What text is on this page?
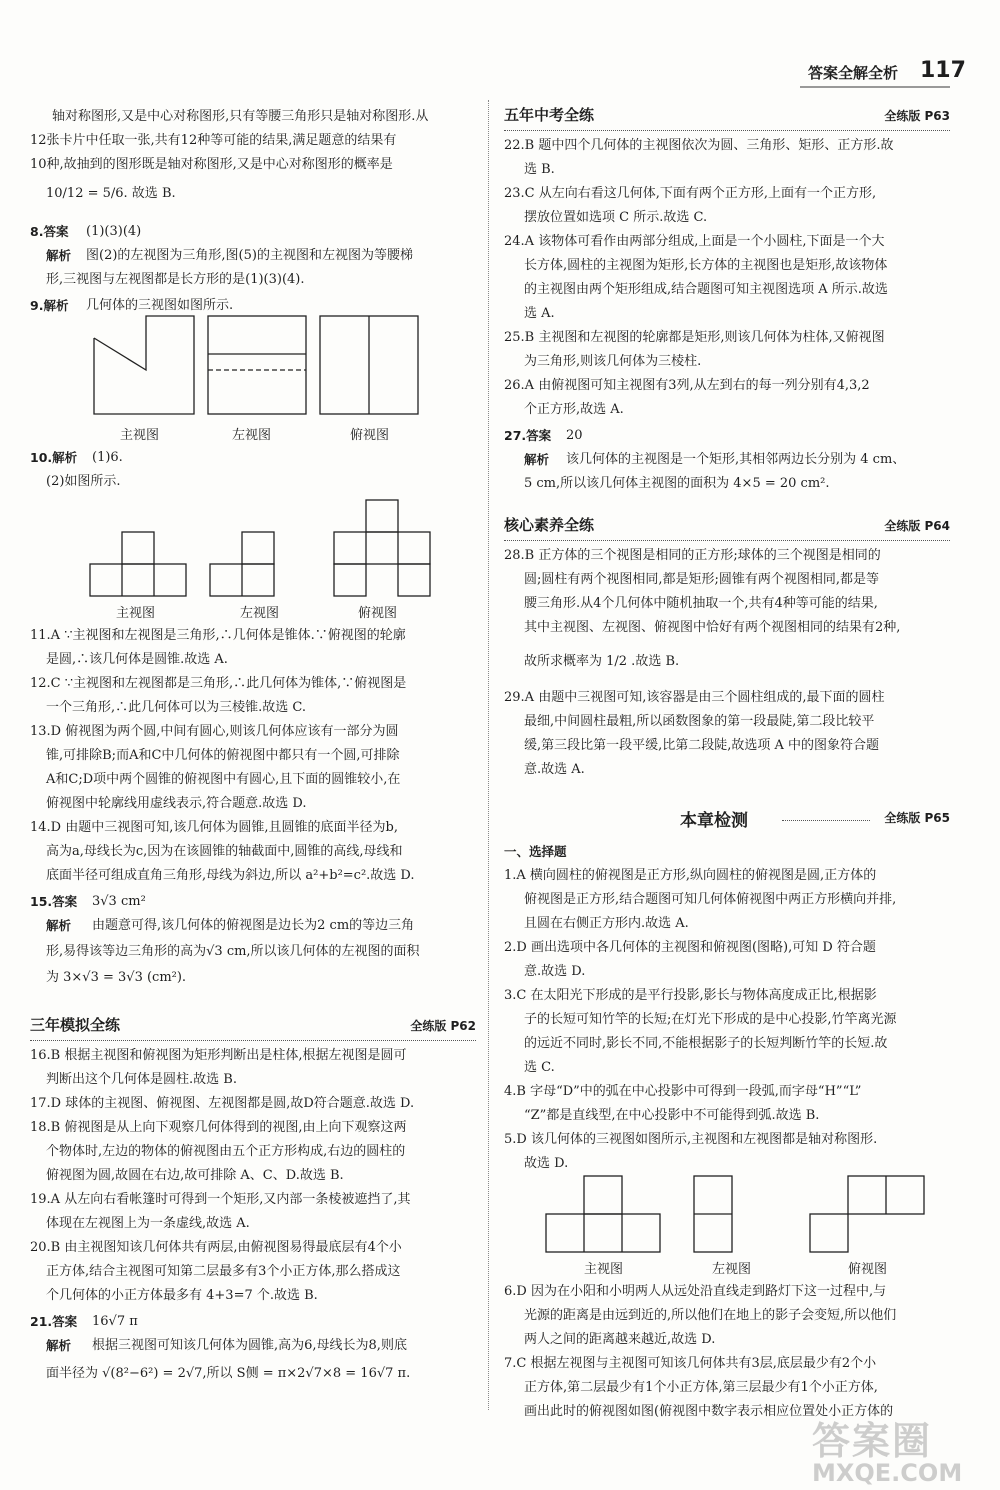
答案全解全析 117
轴对称图形,又是中心对称图形,只有等腰三角形只是轴对称图形.从
12张卡片中任取一张,共有12种等可能的结果,满足题意的结果有
10种,故抽到的图形既是轴对称图形,又是中心对称图形的概率是
10/12 = 5/6. 故选 B.
8.答案 (1)(3)(4)
解析 图(2)的左视图为三角形,图(5)的主视图和左视图为等腰梯
形,三视图与左视图都是长方形的是(1)(3)(4).
9.解析 几何体的三视图如图所示.
主视图	左视图	俯视图
10.解析 (1)6.
(2)如图所示.
主视图	左视图	俯视图
11.A ∵主视图和左视图是三角形,∴几何体是锥体.∵俯视图的轮廓
是圆,∴该几何体是圆锥.故选 A.
12.C ∵主视图和左视图都是三角形,∴此几何体为锥体,∵俯视图是
一个三角形,∴此几何体可以为三棱锥.故选 C.
13.D 俯视图为两个圆,中间有圆心,则该几何体应该有一部分为圆
锥,可排除B;而A和C中几何体的俯视图中都只有一个圆,可排除
A和C;D项中两个圆锥的俯视图中有圆心,且下面的圆锥较小,在
俯视图中轮廓线用虚线表示,符合题意.故选 D.
14.D 由题中三视图可知,该几何体为圆锥,且圆锥的底面半径为b,
高为a,母线长为c,因为在该圆锥的轴截面中,圆锥的高线,母线和
底面半径可组成直角三角形,母线为斜边,所以 a²+b²=c².故选 D.
15.答案 3√3 cm²
解析 由题意可得,该几何体的俯视图是边长为2 cm的等边三角
形,易得该等边三角形的高为√3 cm,所以该几何体的左视图的面积
为 3×√3 = 3√3 (cm²).
三年模拟全练	全练版 P62
16.B 根据主视图和俯视图为矩形判断出是柱体,根据左视图是圆可
判断出这个几何体是圆柱.故选 B.
17.D 球体的主视图、俯视图、左视图都是圆,故D符合题意.故选 D.
18.B 俯视图是从上向下观察几何体得到的视图,由上向下观察这两
个物体时,左边的物体的俯视图由五个正方形构成,右边的圆柱的
俯视图为圆,故圆在右边,故可排除 A、C、D.故选 B.
19.A 从左向右看帐篷时可得到一个矩形,又内部一条棱被遮挡了,其
体现在左视图上为一条虚线,故选 A.
20.B 由主视图知该几何体共有两层,由俯视图易得最底层有4个小
正方体,结合主视图可知第二层最多有3个小正方体,那么搭成这
个几何体的小正方体最多有 4+3=7 个.故选 B.
21.答案 16√7 π
解析 根据三视图可知该几何体为圆锥,高为6,母线长为8,则底
面半径为 √(8²−6²) = 2√7,所以 S侧 = π×2√7×8 = 16√7 π.
五年中考全练	全练版 P63
22.B 题中四个几何体的主视图依次为圆、三角形、矩形、正方形.故
选 B.
23.C 从左向右看这几何体,下面有两个正方形,上面有一个正方形,
摆放位置如选项 C 所示.故选 C.
24.A 该物体可看作由两部分组成,上面是一个小圆柱,下面是一个大
长方体,圆柱的主视图为矩形,长方体的主视图也是矩形,故该物体
的主视图由两个矩形组成,结合题图可知主视图选项 A 所示.故选
选 A.
25.B 主视图和左视图的轮廓都是矩形,则该几何体为柱体,又俯视图
为三角形,则该几何体为三棱柱.
26.A 由俯视图可知主视图有3列,从左到右的每一列分别有4,3,2
个正方形,故选 A.
27.答案 20
解析 该几何体的主视图是一个矩形,其相邻两边长分别为 4 cm、
5 cm,所以该几何体主视图的面积为 4×5 = 20 cm².
核心素养全练	全练版 P64
28.B 正方体的三个视图是相同的正方形;球体的三个视图是相同的
圆;圆柱有两个视图相同,都是矩形;圆锥有两个视图相同,都是等
腰三角形.从4个几何体中随机抽取一个,共有4种等可能的结果,
其中主视图、左视图、俯视图中恰好有两个视图相同的结果有2种,
故所求概率为 1/2 .故选 B.
29.A 由题中三视图可知,该容器是由三个圆柱组成的,最下面的圆柱
最细,中间圆柱最粗,所以函数图象的第一段最陡,第二段比较平
缓,第三段比第一段平缓,比第二段陡,故选项 A 中的图象符合题
意.故选 A.
本章检测	全练版 P65
一、选择题
1.A 横向圆柱的俯视图是正方形,纵向圆柱的俯视图是圆,正方体的
俯视图是正方形,结合题图可知几何体俯视图中两正方形横向并排,
且圆在右侧正方形内.故选 A.
2.D 画出选项中各几何体的主视图和俯视图(图略),可知 D 符合题
意.故选 D.
3.C 在太阳光下形成的是平行投影,影长与物体高度成正比,根据影
子的长短可知竹竿的长短;在灯光下形成的是中心投影,竹竿离光源
的远近不同时,影长不同,不能根据影子的长短判断竹竿的长短.故
选 C.
4.B 字母“D”中的弧在中心投影中可得到一段弧,而字母“H”“L”
“Z”都是直线型,在中心投影中不可能得到弧.故选 B.
5.D 该几何体的三视图如图所示,主视图和左视图都是轴对称图形.
故选 D.
主视图	左视图	俯视图
6.D 因为在小阳和小明两人从远处沿直线走到路灯下这一过程中,与
光源的距离是由远到近的,所以他们在地上的影子会变短,所以他们
两人之间的距离越来越近,故选 D.
7.C 根据左视图与主视图可知该几何体共有3层,底层最少有2个小
正方体,第二层最少有1个小正方体,第三层最少有1个小正方体,
画出此时的俯视图如图(俯视图中数字表示相应位置处小正方体的
答案圈
MXQE.COM
